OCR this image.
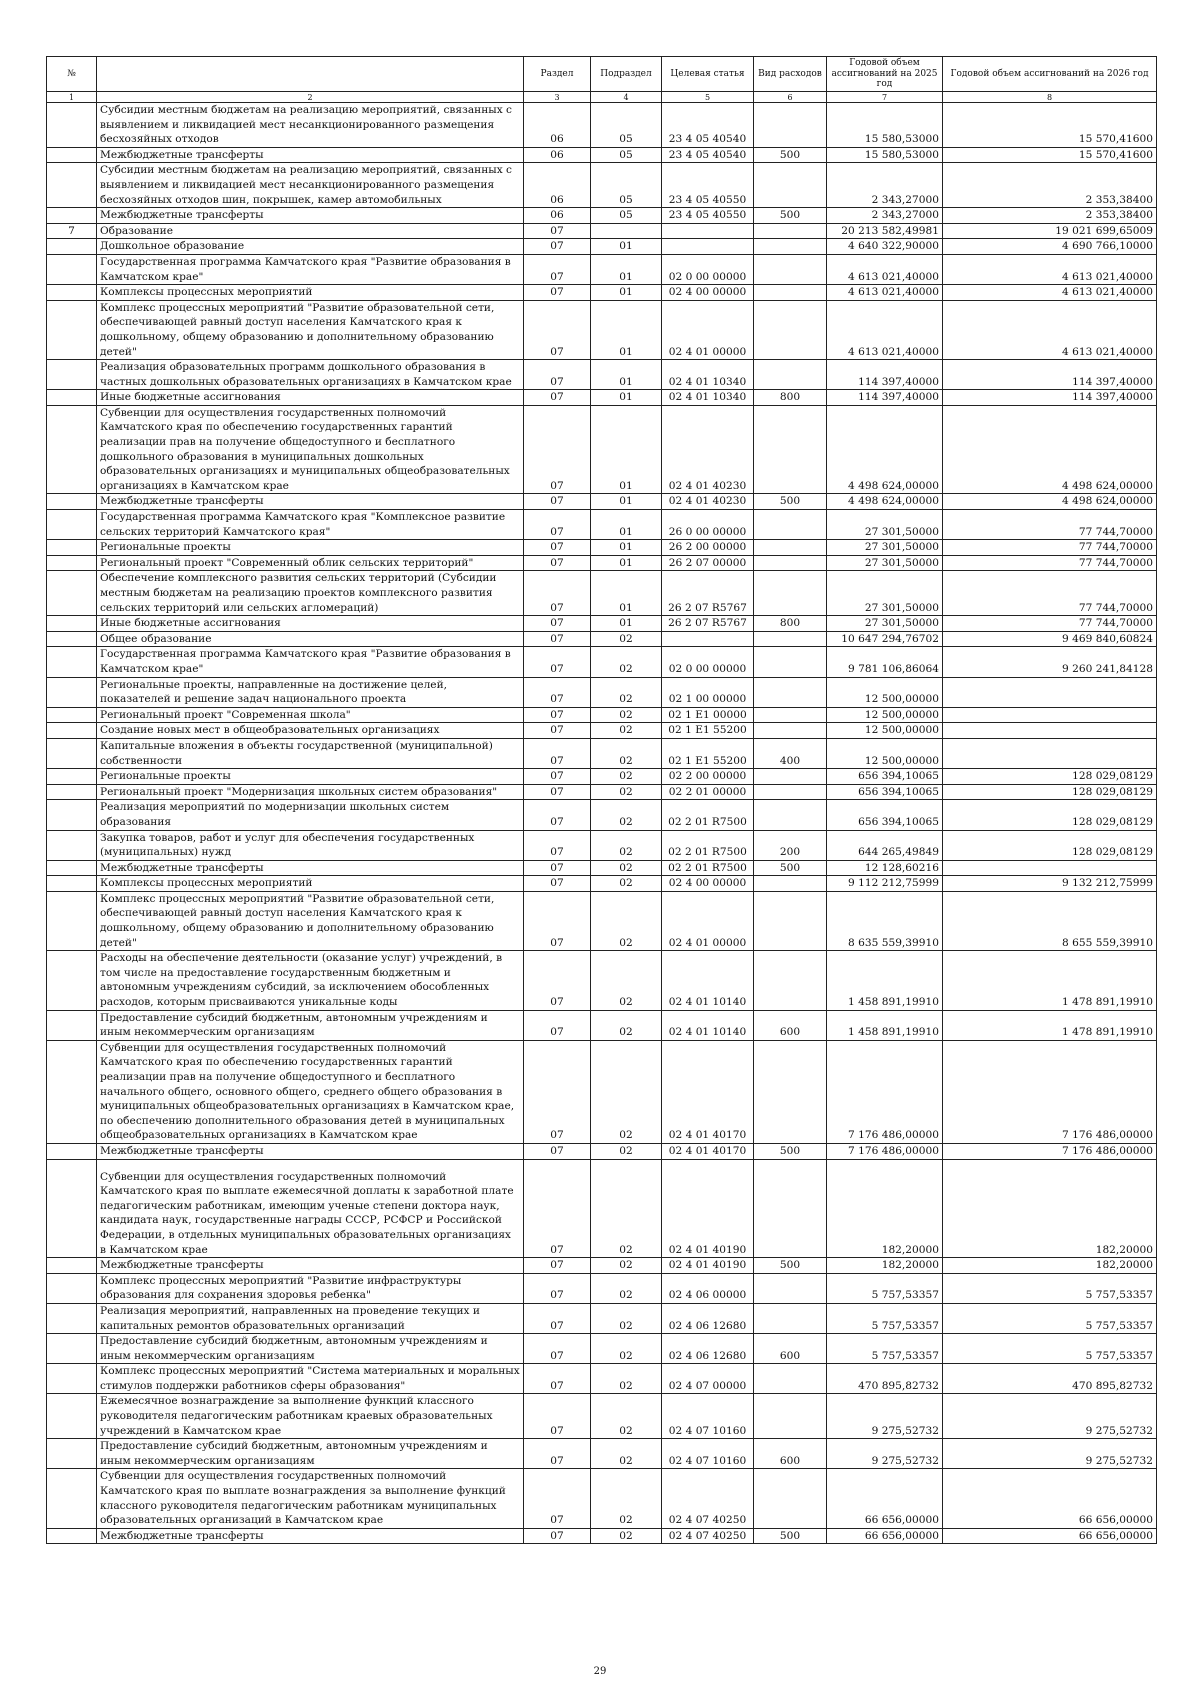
№		Раздел	Подраздел	Целевая статья	Вид расходов	Годовой объем ассигнований на 2025 год	Годовой объем ассигнований на 2026 год
1	2	3	4	5	6	7	8
	Субсидии местным бюджетам на реализацию мероприятий, связанных с выявлением и ликвидацией мест несанкционированного размещения бесхозяйных отходов	06	05	23 4 05 40540		15 580,53000	15 570,41600
	Межбюджетные трансферты	06	05	23 4 05 40540	500	15 580,53000	15 570,41600
	Субсидии местным бюджетам на реализацию мероприятий, связанных с выявлением и ликвидацией мест несанкционированного размещения бесхозяйных отходов шин, покрышек, камер автомобильных	06	05	23 4 05 40550		2 343,27000	2 353,38400
	Межбюджетные трансферты	06	05	23 4 05 40550	500	2 343,27000	2 353,38400
7	Образование	07				20 213 582,49981	19 021 699,65009
	Дошкольное образование	07	01			4 640 322,90000	4 690 766,10000
	Государственная программа Камчатского края "Развитие образования в Камчатском крае"	07	01	02 0 00 00000		4 613 021,40000	4 613 021,40000
	Комплексы процессных мероприятий	07	01	02 4 00 00000		4 613 021,40000	4 613 021,40000
	Комплекс процессных мероприятий "Развитие образовательной сети, обеспечивающей равный доступ населения Камчатского края к дошкольному, общему образованию и дополнительному образованию детей"	07	01	02 4 01 00000		4 613 021,40000	4 613 021,40000
	Реализация образовательных программ дошкольного образования в частных дошкольных образовательных организациях в Камчатском крае	07	01	02 4 01 10340		114 397,40000	114 397,40000
	Иные бюджетные ассигнования	07	01	02 4 01 10340	800	114 397,40000	114 397,40000
	Субвенции для осуществления государственных полномочий Камчатского края по обеспечению государственных гарантий реализации прав на получение общедоступного и бесплатного дошкольного образования в муниципальных дошкольных образовательных организациях и муниципальных общеобразовательных организациях в Камчатском крае	07	01	02 4 01 40230		4 498 624,00000	4 498 624,00000
	Межбюджетные трансферты	07	01	02 4 01 40230	500	4 498 624,00000	4 498 624,00000
	Государственная программа Камчатского края "Комплексное развитие сельских территорий Камчатского края"	07	01	26 0 00 00000		27 301,50000	77 744,70000
	Региональные проекты	07	01	26 2 00 00000		27 301,50000	77 744,70000
	Региональный проект "Современный облик сельских территорий"	07	01	26 2 07 00000		27 301,50000	77 744,70000
	Обеспечение комплексного развития сельских территорий (Субсидии местным бюджетам на реализацию проектов комплексного развития сельских территорий или сельских агломераций)	07	01	26 2 07 R5767		27 301,50000	77 744,70000
	Иные бюджетные ассигнования	07	01	26 2 07 R5767	800	27 301,50000	77 744,70000
	Общее образование	07	02			10 647 294,76702	9 469 840,60824
	Государственная программа Камчатского края "Развитие образования в Камчатском крае"	07	02	02 0 00 00000		9 781 106,86064	9 260 241,84128
	Региональные проекты, направленные на достижение целей, показателей и решение задач национального проекта	07	02	02 1 00 00000		12 500,00000	
	Региональный проект "Современная школа"	07	02	02 1 E1 00000		12 500,00000	
	Создание новых мест в общеобразовательных организациях	07	02	02 1 E1 55200		12 500,00000	
	Капитальные вложения в объекты государственной (муниципальной) собственности	07	02	02 1 E1 55200	400	12 500,00000	
	Региональные проекты	07	02	02 2 00 00000		656 394,10065	128 029,08129
	Региональный проект "Модернизация школьных систем образования"	07	02	02 2 01 00000		656 394,10065	128 029,08129
	Реализация мероприятий по модернизации школьных систем образования	07	02	02 2 01 R7500		656 394,10065	128 029,08129
	Закупка товаров, работ и услуг для обеспечения государственных (муниципальных) нужд	07	02	02 2 01 R7500	200	644 265,49849	128 029,08129
	Межбюджетные трансферты	07	02	02 2 01 R7500	500	12 128,60216	
	Комплексы процессных мероприятий	07	02	02 4 00 00000		9 112 212,75999	9 132 212,75999
	Комплекс процессных мероприятий "Развитие образовательной сети, обеспечивающей равный доступ населения Камчатского края к дошкольному, общему образованию и дополнительному образованию детей"	07	02	02 4 01 00000		8 635 559,39910	8 655 559,39910
	Расходы на обеспечение деятельности (оказание услуг) учреждений, в том числе на предоставление государственным бюджетным и автономным учреждениям субсидий, за исключением обособленных расходов, которым присваиваются уникальные коды	07	02	02 4 01 10140		1 458 891,19910	1 478 891,19910
	Предоставление субсидий бюджетным, автономным учреждениям и иным некоммерческим организациям	07	02	02 4 01 10140	600	1 458 891,19910	1 478 891,19910
	Субвенции для осуществления государственных полномочий Камчатского края по обеспечению государственных гарантий реализации прав на получение общедоступного и бесплатного начального общего, основного общего, среднего общего образования в муниципальных общеобразовательных организациях в Камчатском крае, по обеспечению дополнительного образования детей в муниципальных общеобразовательных организациях в Камчатском крае	07	02	02 4 01 40170		7 176 486,00000	7 176 486,00000
	Межбюджетные трансферты	07	02	02 4 01 40170	500	7 176 486,00000	7 176 486,00000
	Субвенции для осуществления государственных полномочий Камчатского края по выплате ежемесячной доплаты к заработной плате педагогическим работникам, имеющим ученые степени доктора наук, кандидата наук, государственные награды СССР, РСФСР и Российской Федерации, в отдельных муниципальных образовательных организациях в Камчатском крае	07	02	02 4 01 40190		182,20000	182,20000
	Межбюджетные трансферты	07	02	02 4 01 40190	500	182,20000	182,20000
	Комплекс процессных мероприятий "Развитие инфраструктуры образования для сохранения здоровья ребенка"	07	02	02 4 06 00000		5 757,53357	5 757,53357
	Реализация мероприятий, направленных на проведение текущих и капитальных ремонтов образовательных организаций	07	02	02 4 06 12680		5 757,53357	5 757,53357
	Предоставление субсидий бюджетным, автономным учреждениям и иным некоммерческим организациям	07	02	02 4 06 12680	600	5 757,53357	5 757,53357
	Комплекс процессных мероприятий "Система материальных и моральных стимулов поддержки работников сферы образования"	07	02	02 4 07 00000		470 895,82732	470 895,82732
	Ежемесячное вознаграждение за выполнение функций классного руководителя педагогическим работникам краевых образовательных учреждений в Камчатском крае	07	02	02 4 07 10160		9 275,52732	9 275,52732
	Предоставление субсидий бюджетным, автономным учреждениям и иным некоммерческим организациям	07	02	02 4 07 10160	600	9 275,52732	9 275,52732
	Субвенции для осуществления государственных полномочий Камчатского края по выплате вознаграждения за выполнение функций классного руководителя педагогическим работникам муниципальных образовательных организаций в Камчатском крае	07	02	02 4 07 40250		66 656,00000	66 656,00000
	Межбюджетные трансферты	07	02	02 4 07 40250	500	66 656,00000	66 656,00000
29
